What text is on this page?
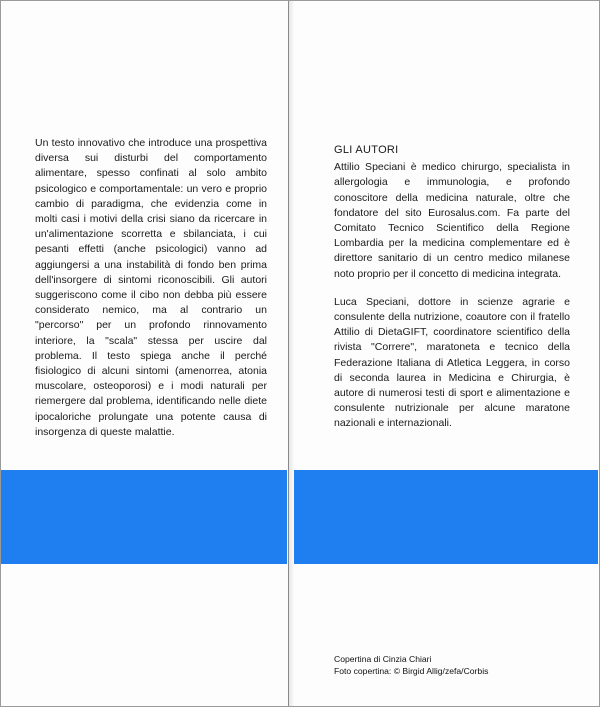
Un testo innovativo che introduce una prospettiva diversa sui disturbi del comportamento alimentare, spesso confinati al solo ambito psicologico e comportamentale: un vero e proprio cambio di paradigma, che evidenzia come in molti casi i motivi della crisi siano da ricercare in un'alimentazione scorretta e sbilanciata, i cui pesanti effetti (anche psicologici) vanno ad aggiungersi a una instabilità di fondo ben prima dell'insorgere di sintomi riconoscibili. Gli autori suggeriscono come il cibo non debba più essere considerato nemico, ma al contrario un "percorso" per un profondo rinnovamento interiore, la "scala" stessa per uscire dal problema. Il testo spiega anche il perché fisiologico di alcuni sintomi (amenorrea, atonia muscolare, osteoporosi) e i modi naturali per riemergere dal problema, identificando nelle diete ipocaloriche prolungate una potente causa di insorgenza di queste malattie.

GLI AUTORI

Attilio Speciani è medico chirurgo, specialista in allergologia e immunologia, e profondo conoscitore della medicina naturale, oltre che fondatore del sito Eurosalus.com. Fa parte del Comitato Tecnico Scientifico della Regione Lombardia per la medicina complementare ed è direttore sanitario di un centro medico milanese noto proprio per il concetto di medicina integrata.

Luca Speciani, dottore in scienze agrarie e consulente della nutrizione, coautore con il fratello Attilio di DietaGIFT, coordinatore scientifico della rivista "Correre", maratoneta e tecnico della Federazione Italiana di Atletica Leggera, in corso di seconda laurea in Medicina e Chirurgia, è autore di numerosi testi di sport e alimentazione e consulente nutrizionale per alcune maratone nazionali e internazionali.

Copertina di Cinzia Chiari
Foto copertina: © Birgid Allig/zefa/Corbis
